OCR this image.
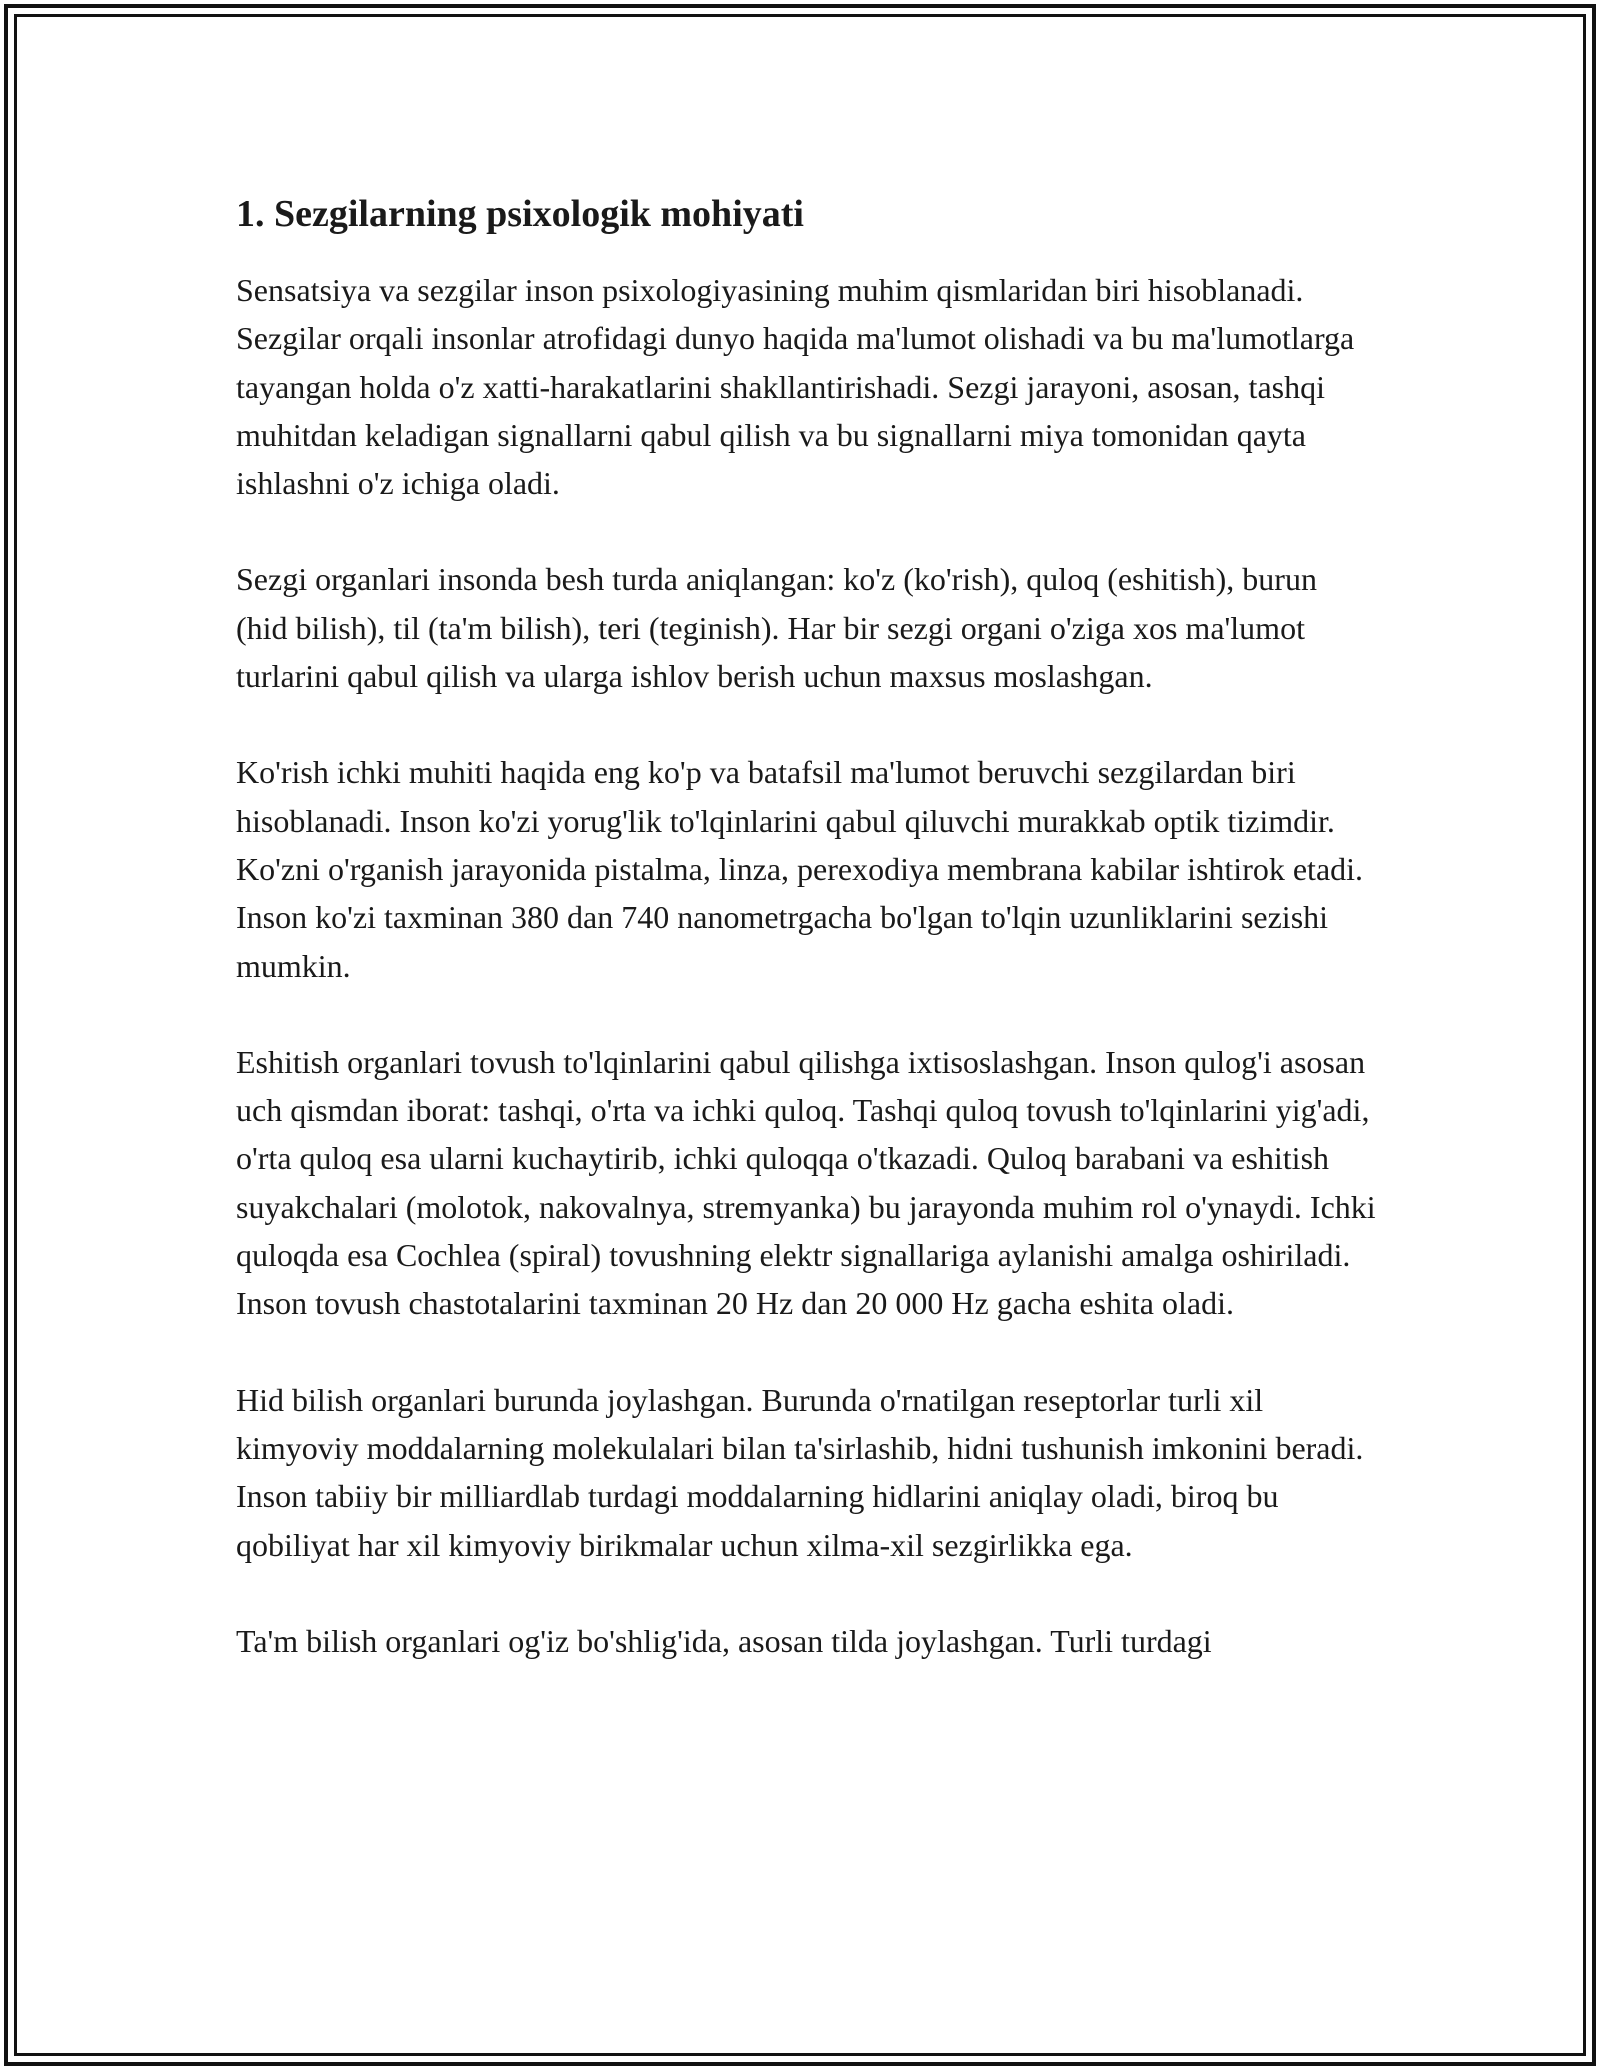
1. Sezgilarning psixologik mohiyati

Sensatsiya va sezgilar inson psixologiyasining muhim qismlaridan biri hisoblanadi. Sezgilar orqali insonlar atrofidagi dunyo haqida ma'lumot olishadi va bu ma'lumotlarga tayangan holda o'z xatti-harakatlarini shakllantirishadi. Sezgi jarayoni, asosan, tashqi muhitdan keladigan signallarni qabul qilish va bu signallarni miya tomonidan qayta ishlashni o'z ichiga oladi.

Sezgi organlari insonda besh turda aniqlangan: ko'z (ko'rish), quloq (eshitish), burun (hid bilish), til (ta'm bilish), teri (teginish). Har bir sezgi organi o'ziga xos ma'lumot turlarini qabul qilish va ularga ishlov berish uchun maxsus moslashgan.

Ko'rish ichki muhiti haqida eng ko'p va batafsil ma'lumot beruvchi sezgilardan biri hisoblanadi. Inson ko'zi yorug'lik to'lqinlarini qabul qiluvchi murakkab optik tizimdir. Ko'zni o'rganish jarayonida pistalma, linza, perexodiya membrana kabilar ishtirok etadi. Inson ko'zi taxminan 380 dan 740 nanometrgacha bo'lgan to'lqin uzunliklarini sezishi mumkin.

Eshitish organlari tovush to'lqinlarini qabul qilishga ixtisoslashgan. Inson qulog'i asosan uch qismdan iborat: tashqi, o'rta va ichki quloq. Tashqi quloq tovush to'lqinlarini yig'adi, o'rta quloq esa ularni kuchaytirib, ichki quloqqa o'tkazadi. Quloq barabani va eshitish suyakchalari (molotok, nakovalnya, stremyanka) bu jarayonda muhim rol o'ynaydi. Ichki quloqda esa Cochlea (spiral) tovushning elektr signallariga aylanishi amalga oshiriladi. Inson tovush chastotalarini taxminan 20 Hz dan 20 000 Hz gacha eshita oladi.

Hid bilish organlari burunda joylashgan. Burunda o'rnatilgan reseptorlar turli xil kimyoviy moddalarning molekulalari bilan ta'sirlashib, hidni tushunish imkonini beradi. Inson tabiiy bir milliardlab turdagi moddalarning hidlarini aniqlay oladi, biroq bu qobiliyat har xil kimyoviy birikmalar uchun xilma-xil sezgirlikka ega.

Ta'm bilish organlari og'iz bo'shlig'ida, asosan tilda joylashgan. Turli turdagi
